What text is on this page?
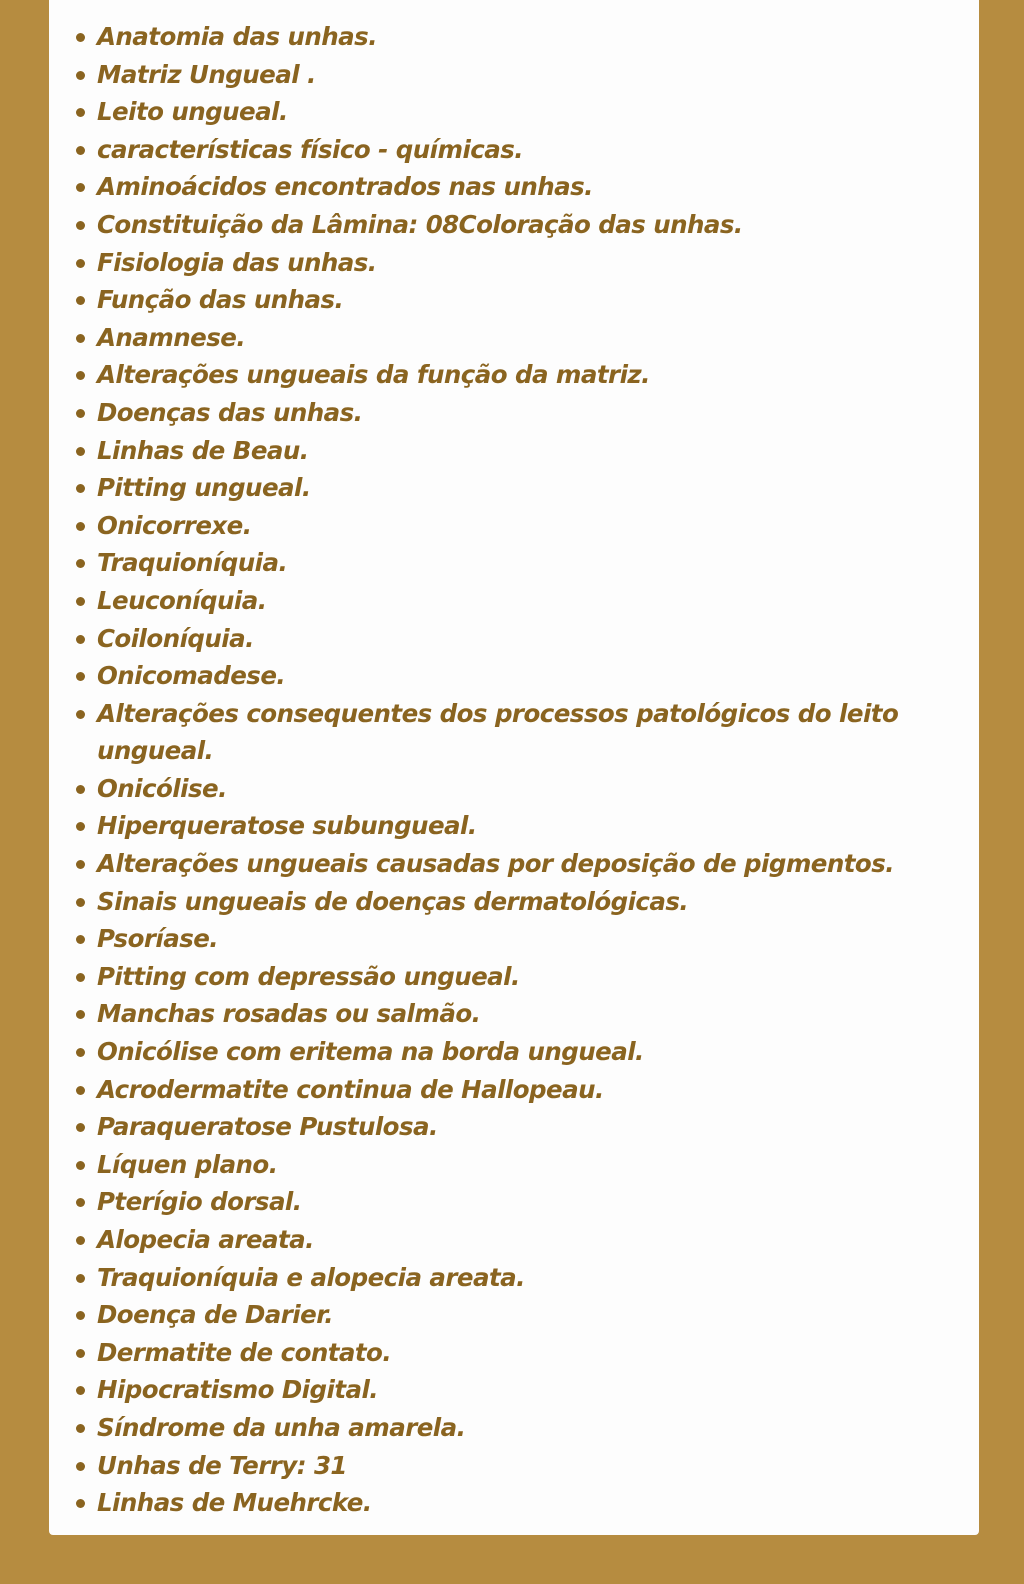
Anatomia das unhas.
Matriz Ungueal .
Leito ungueal.
características físico - químicas.
Aminoácidos encontrados nas unhas.
Constituição da Lâmina: 08Coloração das unhas.
Fisiologia das unhas.
Função das unhas.
Anamnese.
Alterações ungueais da função da matriz.
Doenças das unhas.
Linhas de Beau.
Pitting ungueal.
Onicorrexe.
Traquioníquia.
Leuconíquia.
Coiloníquia.
Onicomadese.
Alterações consequentes dos processos patológicos do leito ungueal.
Onicólise.
Hiperqueratose subungueal.
Alterações ungueais causadas por deposição de pigmentos.
Sinais ungueais de doenças dermatológicas.
Psoríase.
Pitting com depressão ungueal.
Manchas rosadas ou salmão.
Onicólise com eritema na borda ungueal.
Acrodermatite continua de Hallopeau.
Paraqueratose Pustulosa.
Líquen plano.
Pterígio dorsal.
Alopecia areata.
Traquioníquia e alopecia areata.
Doença de Darier.
Dermatite de contato.
Hipocratismo Digital.
Síndrome da unha amarela.
Unhas de Terry: 31
Linhas de Muehrcke.
